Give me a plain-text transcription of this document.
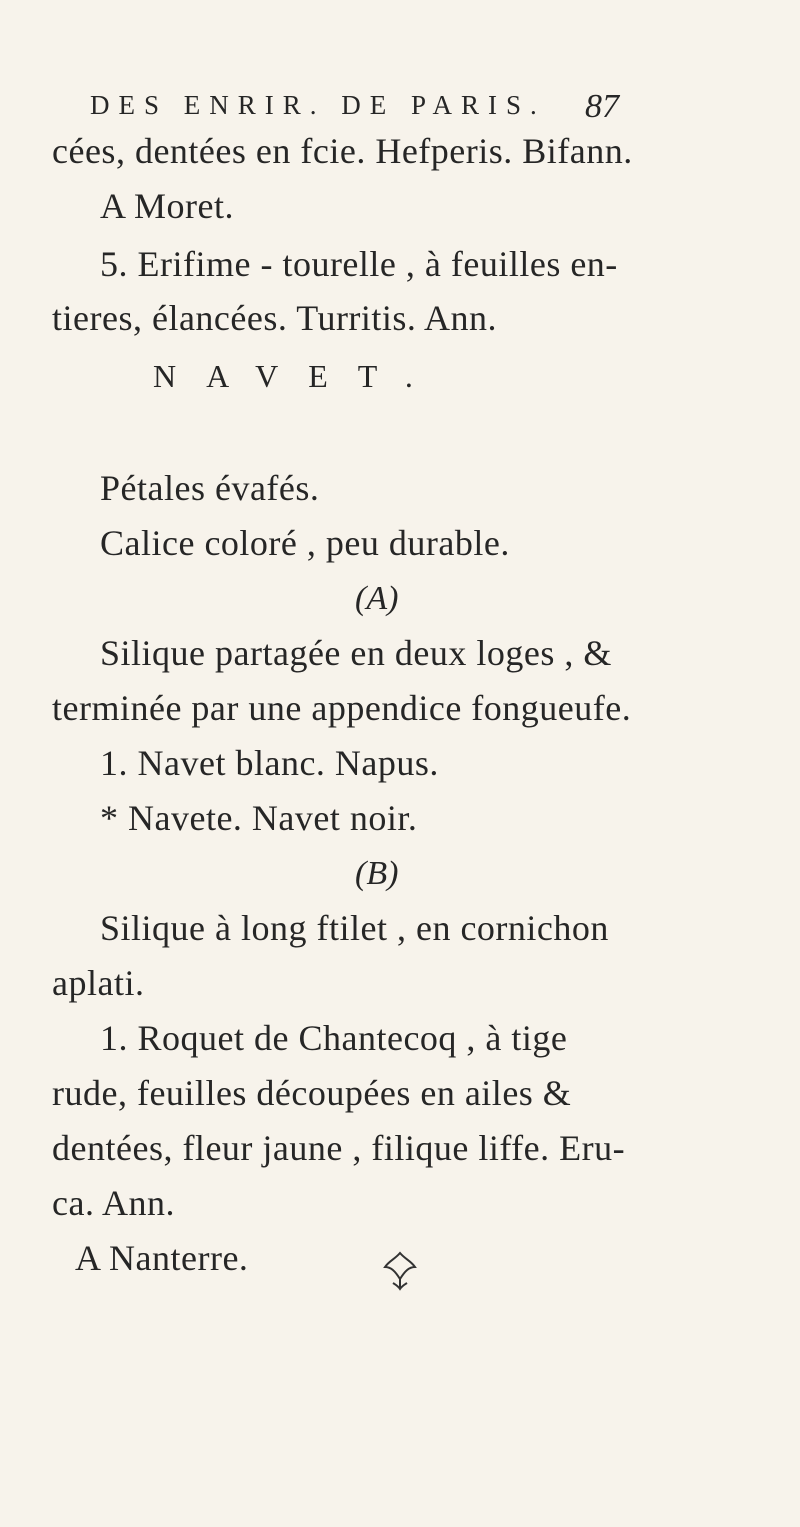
DES ENRIR. DE PARIS.	87
cées, dentées en fcie. Hefperis. Bifann.
A Moret.
5. Erifime - tourelle , à feuilles en-
tieres, élancées. Turritis. Ann.
NAVET.
Pétales évafés.
Calice coloré , peu durable.
(A)
Silique partagée en deux loges , &
terminée par une appendice fongueufe.
1. Navet blanc. Napus.
* Navete. Navet noir.
(B)
Silique à long ftilet , en cornichon
aplati.
1. Roquet de Chantecoq , à tige
rude, feuilles découpées en ailes &
dentées, fleur jaune , filique liffe. Eru-
ca. Ann.
A Nanterre.
